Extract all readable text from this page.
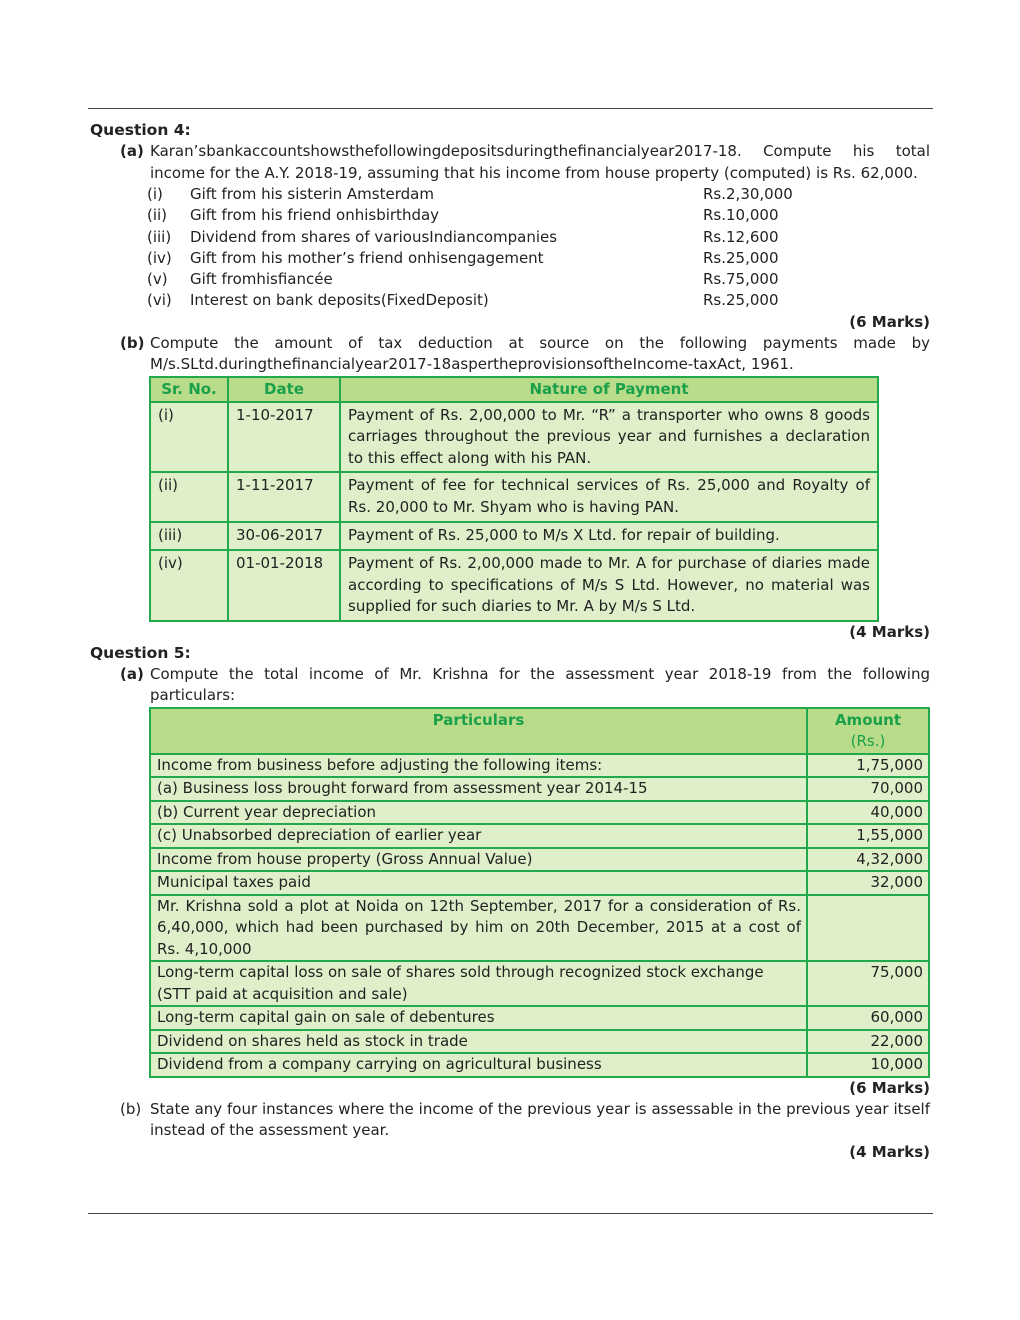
Question 4:

(a) Karan’sbankaccountshowsthefollowingdepositsduringthefinancialyear2017-18. Compute his total income for the A.Y. 2018-19, assuming that his income from house property (computed) is Rs. 62,000.
(i)	Gift from his sisterin Amsterdam	Rs.2,30,000
(ii)	Gift from his friend onhisbirthday	Rs.10,000
(iii)	Dividend from shares of variousIndiancompanies	Rs.12,600
(iv)	Gift from his mother’s friend onhisengagement	Rs.25,000
(v)	Gift fromhisfiancée	Rs.75,000
(vi)	Interest on bank deposits(FixedDeposit)	Rs.25,000
(6 Marks)
(b) Compute the amount of tax deduction at source on the following payments made by M/s.SLtd.duringthefinancialyear2017-18aspertheprovisionsoftheIncome-taxAct, 1961.
Sr. No.	Date	Nature of Payment
(i)	1-10-2017	Payment of Rs. 2,00,000 to Mr. “R” a transporter who owns 8 goods carriages throughout the previous year and furnishes a declaration to this effect along with his PAN.
(ii)	1-11-2017	Payment of fee for technical services of Rs. 25,000 and Royalty of Rs. 20,000 to Mr. Shyam who is having PAN.
(iii)	30-06-2017	Payment of Rs. 25,000 to M/s X Ltd. for repair of building.
(iv)	01-01-2018	Payment of Rs. 2,00,000 made to Mr. A for purchase of diaries made according to specifications of M/s S Ltd. However, no material was supplied for such diaries to Mr. A by M/s S Ltd.
(4 Marks)

Question 5:

(a) Compute the total income of Mr. Krishna for the assessment year 2018-19 from the following particulars:
Particulars	Amount
(Rs.)
Income from business before adjusting the following items:	1,75,000
(a) Business loss brought forward from assessment year 2014-15	70,000
(b) Current year depreciation	40,000
(c) Unabsorbed depreciation of earlier year	1,55,000
Income from house property (Gross Annual Value)	4,32,000
Municipal taxes paid	32,000
Mr. Krishna sold a plot at Noida on 12th September, 2017 for a consideration of Rs. 6,40,000, which had been purchased by him on 20th December, 2015 at a cost of Rs. 4,10,000	
Long-term capital loss on sale of shares sold through recognized stock exchange (STT paid at acquisition and sale)	75,000
Long-term capital gain on sale of debentures	60,000
Dividend on shares held as stock in trade	22,000
Dividend from a company carrying on agricultural business	10,000
(6 Marks)
(b) State any four instances where the income of the previous year is assessable in the previous year itself instead of the assessment year.
(4 Marks)
